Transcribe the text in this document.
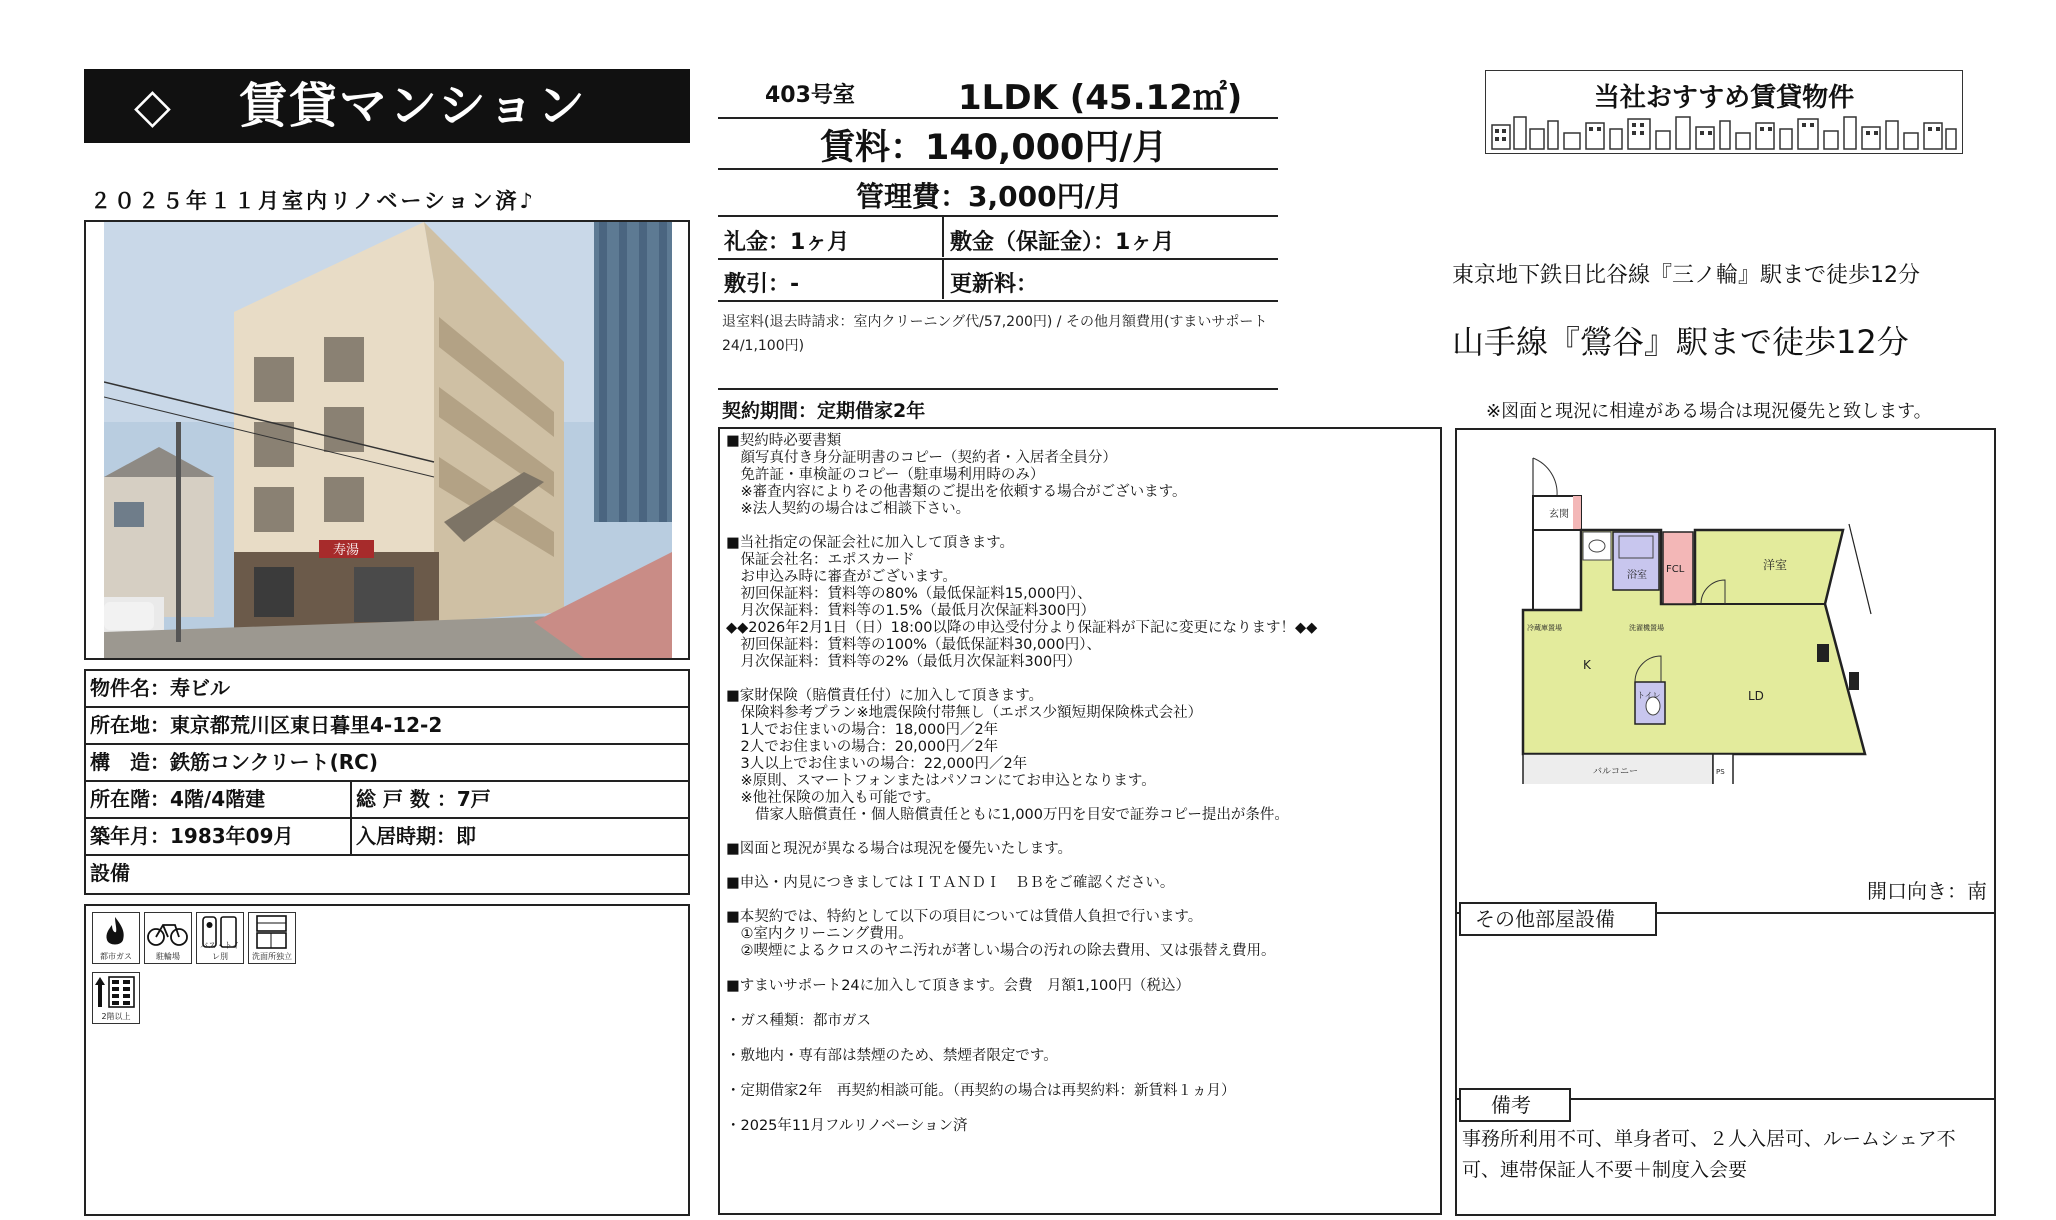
◇ 賃貸マンション
２０２５年１１月室内リノベーション済♪
寿湯
物件名：寿ビル
所在地：東京都荒川区東日暮里4-12-2
構　造：鉄筋コンクリート(RC)
所在階：4階/4階建	総 戸 数 ：7戸
築年月：1983年09月	入居時期：即
設備
都市ガス	駐輪場
バス・トイレ別	洗面所独立
2階以上
403号室	1LDK (45.12㎡)
賃料：140,000円/月
管理費：3,000円/月
礼金：1ヶ月	敷金（保証金）：1ヶ月
敷引：-	更新料：
退室料(退去時請求：室内クリーニング代/57,200円) / その他月額費用(すまいサポート24/1,100円)
契約期間：定期借家2年

■契約時必要書類

　顔写真付き身分証明書のコピー（契約者・入居者全員分）

　免許証・車検証のコピー（駐車場利用時のみ）

　※審査内容によりその他書類のご提出を依頼する場合がございます。

　※法人契約の場合はご相談下さい。

■当社指定の保証会社に加入して頂きます。

　保証会社名：エポスカード

　お申込み時に審査がございます。

　初回保証料：賃料等の80%（最低保証料15,000円）、

　月次保証料：賃料等の1.5%（最低月次保証料300円）

◆◆2026年2月1日（日）18:00以降の申込受付分より保証料が下記に変更になります！◆◆

　初回保証料：賃料等の100%（最低保証料30,000円）、

　月次保証料：賃料等の2%（最低月次保証料300円）

■家財保険（賠償責任付）に加入して頂きます。

　保険料参考プラン※地震保険付帯無し（エポス少額短期保険株式会社）

　1人でお住まいの場合：18,000円／2年

　2人でお住まいの場合：20,000円／2年

　3人以上でお住まいの場合：22,000円／2年

　※原則、スマートフォンまたはパソコンにてお申込となります。

　※他社保険の加入も可能です。

　　借家人賠償責任・個人賠償責任ともに1,000万円を目安で証券コピー提出が条件。

■図面と現況が異なる場合は現況を優先いたします。

■申込・内見につきましてはＩＴＡＮＤＩ　ＢＢをご確認ください。

■本契約では、特約として以下の項目については賃借人負担で行います。

　①室内クリーニング費用。

　②喫煙によるクロスのヤニ汚れが著しい場合の汚れの除去費用、又は張替え費用。

■すまいサポート24に加入して頂きます。会費　月額1,100円（税込）

・ガス種類：都市ガス

・敷地内・専有部は禁煙のため、禁煙者限定です。

・定期借家2年　再契約相談可能。（再契約の場合は再契約料：新賃料１ヵ月）

・2025年11月フルリノベーション済

当社おすすめ賃貸物件
東京地下鉄日比谷線『三ノ輪』駅まで徒歩12分
山手線『鶯谷』駅まで徒歩12分
※図面と現況に相違がある場合は現況優先と致します。
玄関
浴室
FCL	洋室
冷蔵庫置場	洗濯機置場
K
トイレ	LD
バルコニー	PS
開口向き：南
その他部屋設備
備考
事務所利用不可、単身者可、２人入居可、ルームシェア不可、連帯保証人不要＋制度入会要
